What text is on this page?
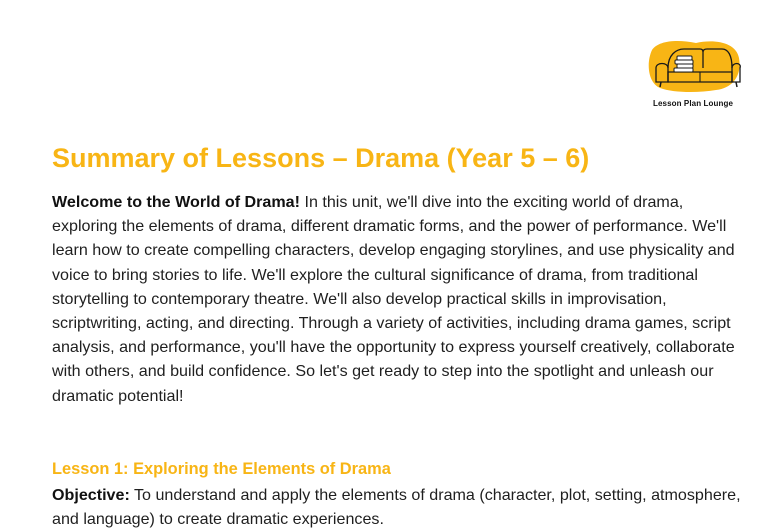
Lesson Plan Lounge
Summary of Lessons – Drama (Year 5 – 6)

Welcome to the World of Drama! In this unit, we'll dive into the exciting world of drama, exploring the elements of drama, different dramatic forms, and the power of performance. We'll learn how to create compelling characters, develop engaging storylines, and use physicality and voice to bring stories to life. We'll explore the cultural significance of drama, from traditional storytelling to contemporary theatre. We'll also develop practical skills in improvisation, scriptwriting, acting, and directing. Through a variety of activities, including drama games, script analysis, and performance, you'll have the opportunity to express yourself creatively, collaborate with others, and build confidence. So let's get ready to step into the spotlight and unleash our dramatic potential!

Lesson 1: Exploring the Elements of Drama

Objective: To understand and apply the elements of drama (character, plot, setting, atmosphere, and language) to create dramatic experiences.
